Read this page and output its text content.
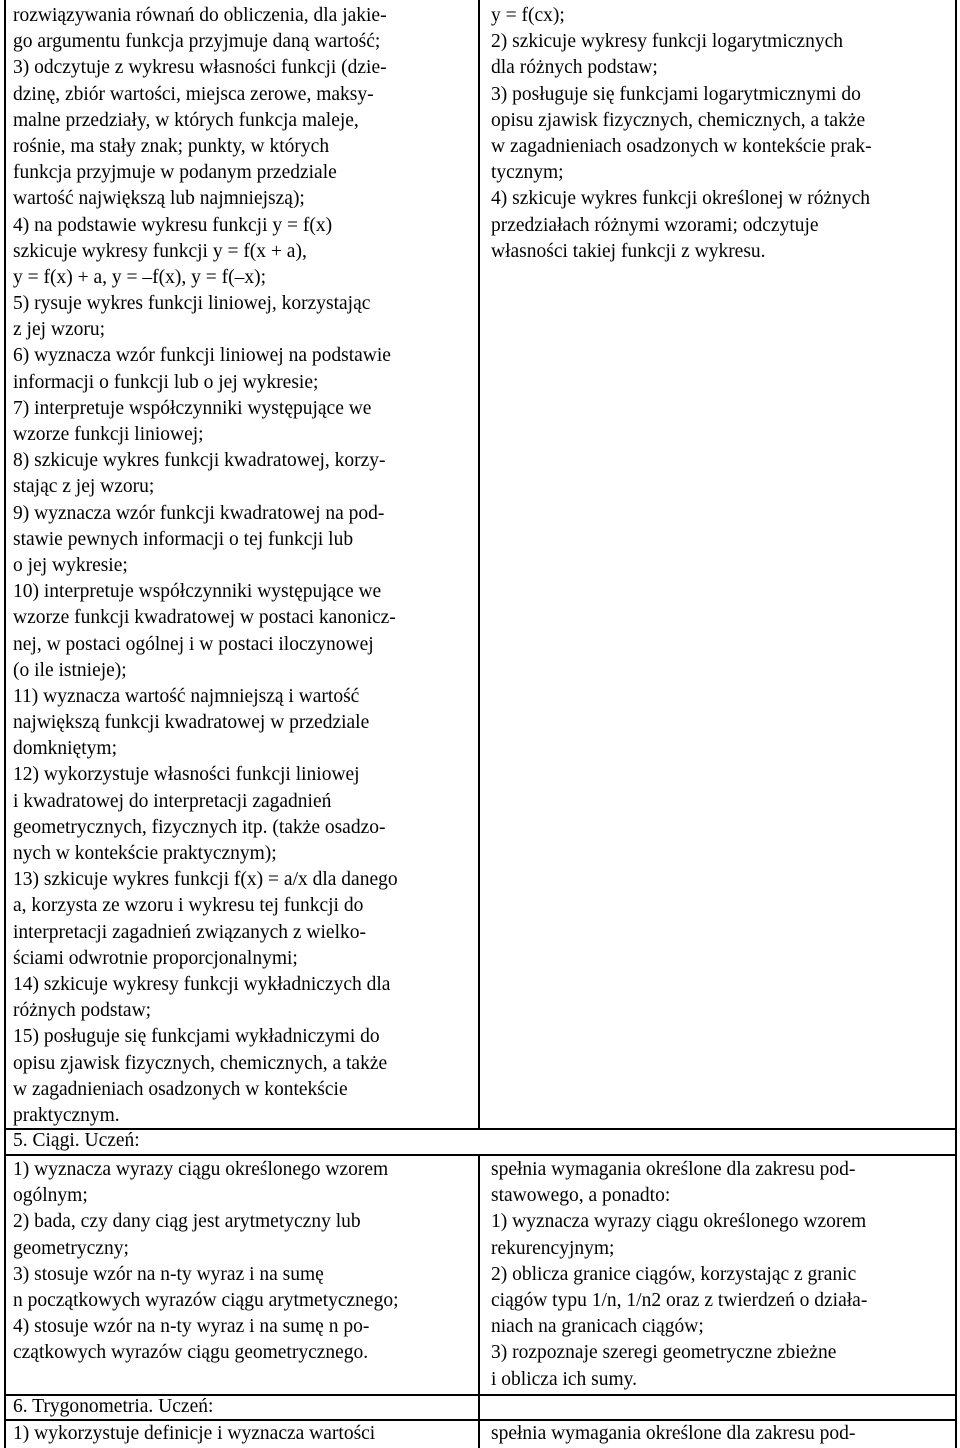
rozwiązywania równań do obliczenia, dla jakie-
go argumentu funkcja przyjmuje daną wartość;
3) odczytuje z wykresu własności funkcji (dzie-
dzinę, zbiór wartości, miejsca zerowe, maksy-
malne przedziały, w których funkcja maleje,
rośnie, ma stały znak; punkty, w których
funkcja przyjmuje w podanym przedziale
wartość największą lub najmniejszą);
4) na podstawie wykresu funkcji y = f(x)
szkicuje wykresy funkcji y = f(x + a),
y = f(x) + a, y = –f(x), y = f(–x);
5) rysuje wykres funkcji liniowej, korzystając
z jej wzoru;
6) wyznacza wzór funkcji liniowej na podstawie
informacji o funkcji lub o jej wykresie;
7) interpretuje współczynniki występujące we
wzorze funkcji liniowej;
8) szkicuje wykres funkcji kwadratowej, korzy-
stając z jej wzoru;
9) wyznacza wzór funkcji kwadratowej na pod-
stawie pewnych informacji o tej funkcji lub
o jej wykresie;
10) interpretuje współczynniki występujące we
wzorze funkcji kwadratowej w postaci kanonicz-
nej, w postaci ogólnej i w postaci iloczynowej
(o ile istnieje);
11) wyznacza wartość najmniejszą i wartość
największą funkcji kwadratowej w przedziale
domkniętym;
12) wykorzystuje własności funkcji liniowej
i kwadratowej do interpretacji zagadnień
geometrycznych, fizycznych itp. (także osadzo-
nych w kontekście praktycznym);
13) szkicuje wykres funkcji f(x) = a/x dla danego
a, korzysta ze wzoru i wykresu tej funkcji do
interpretacji zagadnień związanych z wielko-
ściami odwrotnie proporcjonalnymi;
14) szkicuje wykresy funkcji wykładniczych dla
różnych podstaw;
15) posługuje się funkcjami wykładniczymi do
opisu zjawisk fizycznych, chemicznych, a także
w zagadnieniach osadzonych w kontekście
praktycznym.
y = f(cx);
2) szkicuje wykresy funkcji logarytmicznych
dla różnych podstaw;
3) posługuje się funkcjami logarytmicznymi do
opisu zjawisk fizycznych, chemicznych, a także
w zagadnieniach osadzonych w kontekście prak-
tycznym;
4) szkicuje wykres funkcji określonej w różnych
przedziałach różnymi wzorami; odczytuje
własności takiej funkcji z wykresu.
5. Ciągi. Uczeń:
1) wyznacza wyrazy ciągu określonego wzorem
ogólnym;
2) bada, czy dany ciąg jest arytmetyczny lub
geometryczny;
3) stosuje wzór na n-ty wyraz i na sumę
n początkowych wyrazów ciągu arytmetycznego;
4) stosuje wzór na n-ty wyraz i na sumę n po-
czątkowych wyrazów ciągu geometrycznego.
spełnia wymagania określone dla zakresu pod-
stawowego, a ponadto:
1) wyznacza wyrazy ciągu określonego wzorem
rekurencyjnym;
2) oblicza granice ciągów, korzystając z granic
ciągów typu 1/n, 1/n2 oraz z twierdzeń o działa-
niach na granicach ciągów;
3) rozpoznaje szeregi geometryczne zbieżne
i oblicza ich sumy.
6. Trygonometria. Uczeń:
1) wykorzystuje definicje i wyznacza wartości	spełnia wymagania określone dla zakresu pod-
